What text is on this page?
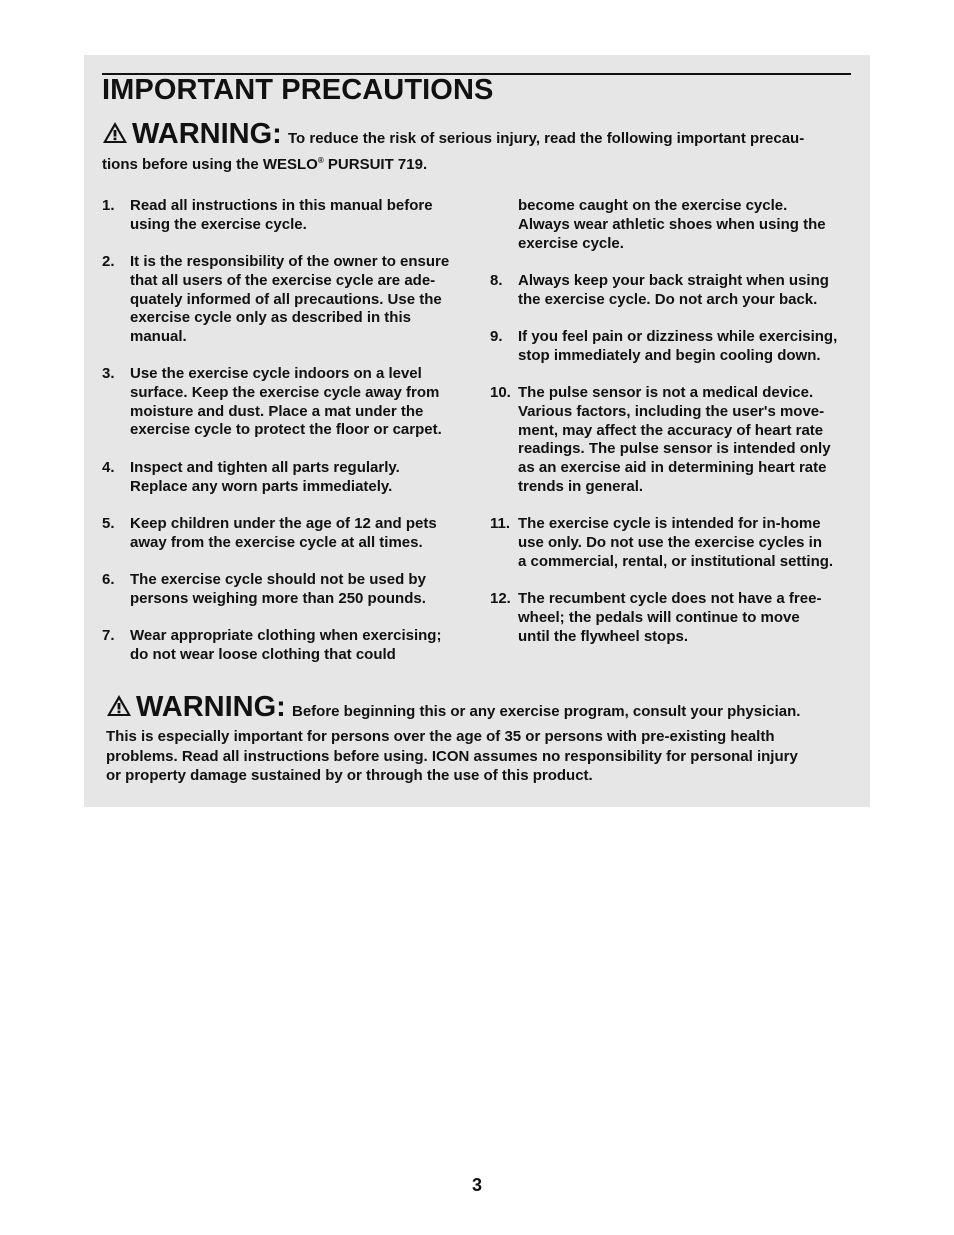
IMPORTANT PRECAUTIONS
WARNING: To reduce the risk of serious injury, read the following important precau-
tions before using the WESLO® PURSUIT 719.
1. Read all instructions in this manual before
using the exercise cycle.
2. It is the responsibility of the owner to ensure
that all users of the exercise cycle are ade-
quately informed of all precautions. Use the
exercise cycle only as described in this
manual.
3. Use the exercise cycle indoors on a level
surface. Keep the exercise cycle away from
moisture and dust. Place a mat under the
exercise cycle to protect the floor or carpet.
4. Inspect and tighten all parts regularly.
Replace any worn parts immediately.
5. Keep children under the age of 12 and pets
away from the exercise cycle at all times.
6. The exercise cycle should not be used by
persons weighing more than 250 pounds.
7. Wear appropriate clothing when exercising;
do not wear loose clothing that could
become caught on the exercise cycle.
Always wear athletic shoes when using the
exercise cycle.
8. Always keep your back straight when using
the exercise cycle. Do not arch your back.
9. If you feel pain or dizziness while exercising,
stop immediately and begin cooling down.
10. The pulse sensor is not a medical device.
Various factors, including the user's move-
ment, may affect the accuracy of heart rate
readings. The pulse sensor is intended only
as an exercise aid in determining heart rate
trends in general.
11. The exercise cycle is intended for in-home
use only. Do not use the exercise cycles in
a commercial, rental, or institutional setting.
12. The recumbent cycle does not have a free-
wheel; the pedals will continue to move
until the flywheel stops.
WARNING: Before beginning this or any exercise program, consult your physician.
This is especially important for persons over the age of 35 or persons with pre-existing health
problems. Read all instructions before using. ICON assumes no responsibility for personal injury
or property damage sustained by or through the use of this product.
3
